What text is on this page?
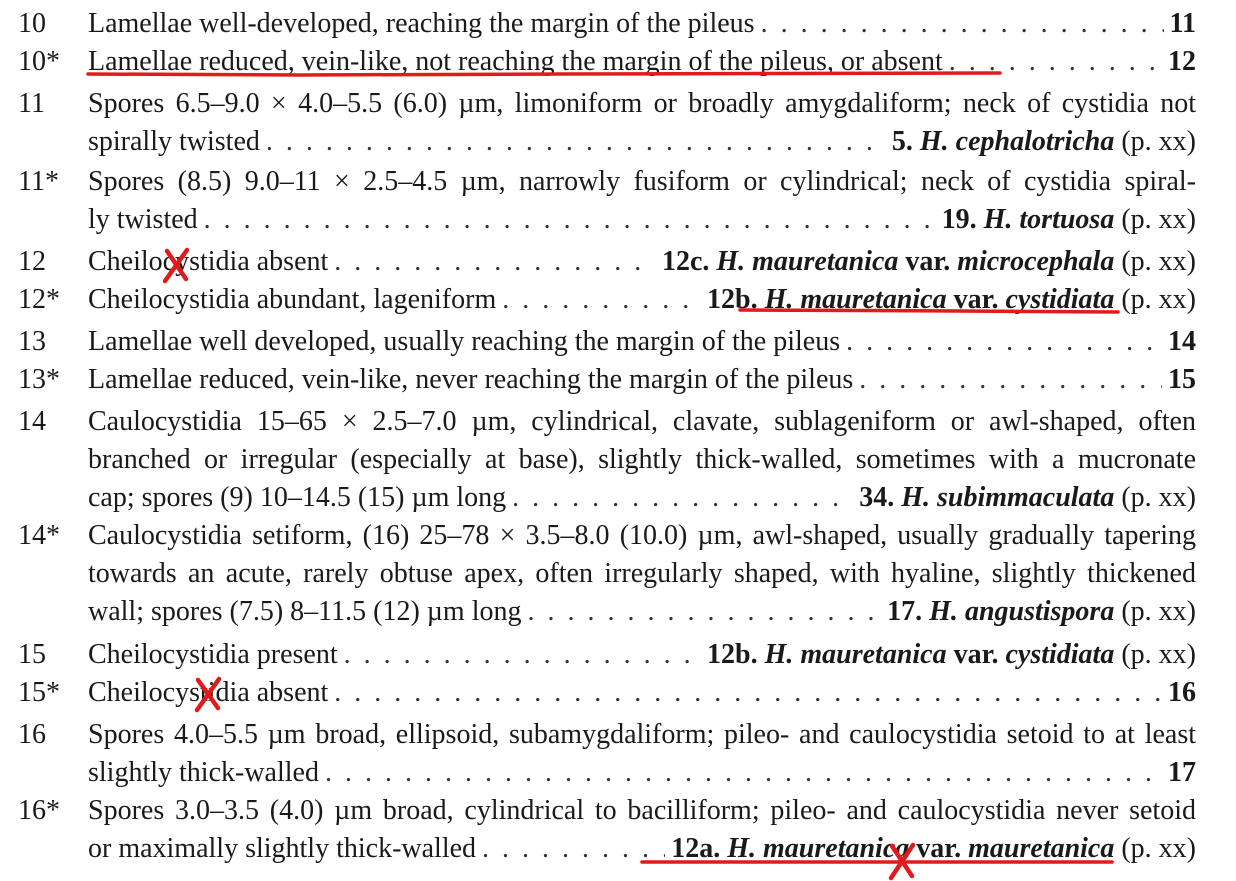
10	Lamellae well-developed, reaching the margin of the pileus . . .	11
10*	Lamellae reduced, vein-like, not reaching the margin of the pileus, or absent . . .	12
11	Spores 6.5–9.0 × 4.0–5.5 (6.0) µm, limoniform or broadly amygdaliform; neck of cystidia not
spirally twisted . . .	5. H. cephalotricha (p. xx)
11*	Spores (8.5) 9.0–11 × 2.5–4.5 µm, narrowly fusiform or cylindrical; neck of cystidia spiral-
ly twisted . . .	19. H. tortuosa (p. xx)
12	Cheilocystidia absent . . .	12c. H. mauretanica var. microcephala (p. xx)
12*	Cheilocystidia abundant, lageniform . . .	12b. H. mauretanica var. cystidiata (p. xx)
13	Lamellae well developed, usually reaching the margin of the pileus . . .	14
13*	Lamellae reduced, vein-like, never reaching the margin of the pileus . . .	15
14	Caulocystidia 15–65 × 2.5–7.0 µm, cylindrical, clavate, sublageniform or awl-shaped, often
branched or irregular (especially at base), slightly thick-walled, sometimes with a mucronate
cap; spores (9) 10–14.5 (15) µm long . . .	34. H. subimmaculata (p. xx)
14*	Caulocystidia setiform, (16) 25–78 × 3.5–8.0 (10.0) µm, awl-shaped, usually gradually tapering
towards an acute, rarely obtuse apex, often irregularly shaped, with hyaline, slightly thickened
wall; spores (7.5) 8–11.5 (12) µm long . . .	17. H. angustispora (p. xx)
15	Cheilocystidia present . . .	12b. H. mauretanica var. cystidiata (p. xx)
15*	Cheilocystidia absent . . .	16
16	Spores 4.0–5.5 µm broad, ellipsoid, subamygdaliform; pileo- and caulocystidia setoid to at least
slightly thick-walled . . .	17
16*	Spores 3.0–3.5 (4.0) µm broad, cylindrical to bacilliform; pileo- and caulocystidia never setoid
or maximally slightly thick-walled . . .	12a. H. mauretanica var. mauretanica (p. xx)
